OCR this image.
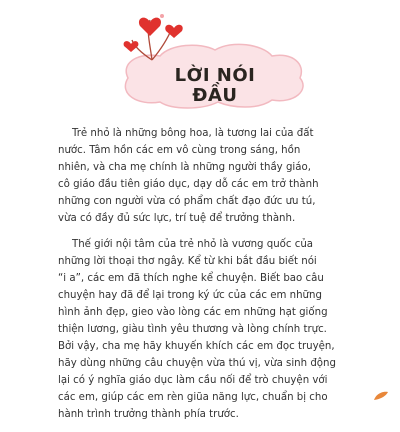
LỜI NÓI ĐẦU

Trẻ nhỏ là những bông hoa, là tương lai của đất
nước. Tâm hồn các em vô cùng trong sáng, hồn
nhiên, và cha mẹ chính là những người thầy giáo,
cô giáo đầu tiên giáo dục, dạy dỗ các em trở thành
những con người vừa có phẩm chất đạo đức ưu tú,
vừa có đầy đủ sức lực, trí tuệ để trưởng thành.

Thế giới nội tâm của trẻ nhỏ là vương quốc của
những lời thoại thơ ngây. Kể từ khi bắt đầu biết nói
“i a”, các em đã thích nghe kể chuyện. Biết bao câu
chuyện hay đã để lại trong ký ức của các em những
hình ảnh đẹp, gieo vào lòng các em những hạt giống
thiện lương, giàu tình yêu thương và lòng chính trực.
Bởi vậy, cha mẹ hãy khuyến khích các em đọc truyện,
hãy dùng những câu chuyện vừa thú vị, vừa sinh động
lại có ý nghĩa giáo dục làm cầu nối để trò chuyện với
các em, giúp các em rèn giũa năng lực, chuẩn bị cho
hành trình trưởng thành phía trước.
